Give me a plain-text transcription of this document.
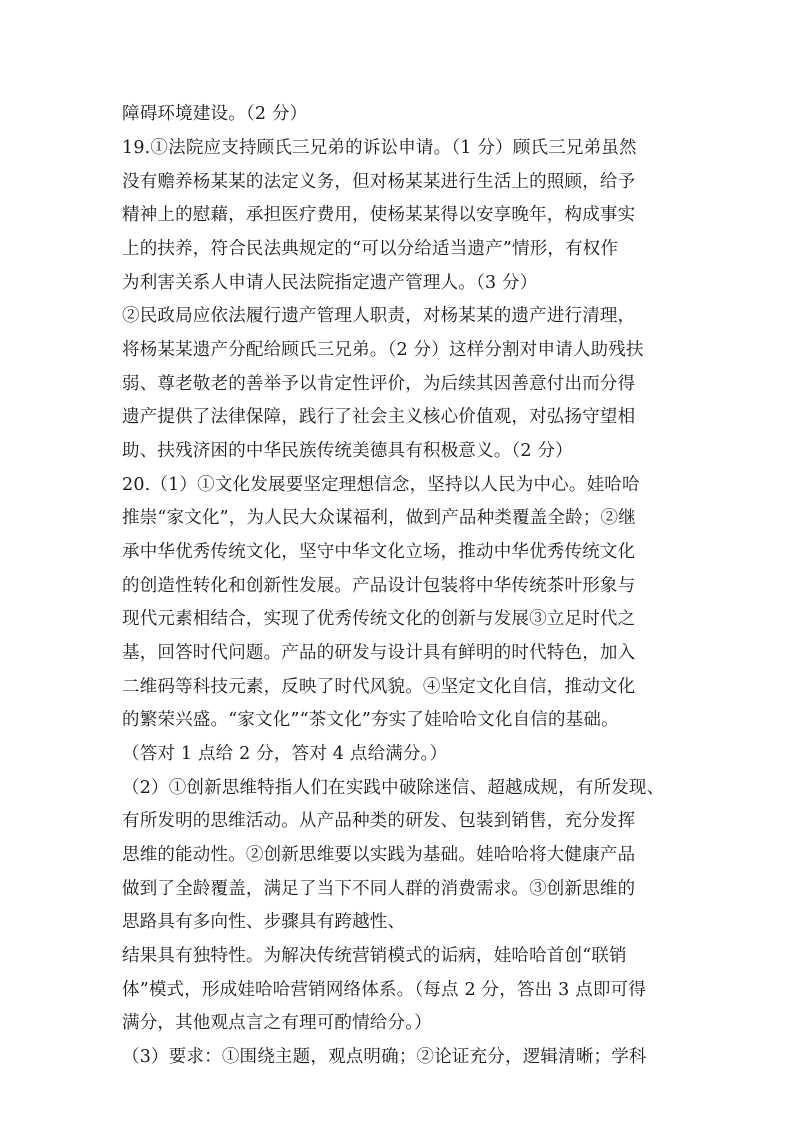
障碍环境建设。（2 分）
19.①法院应支持顾氏三兄弟的诉讼申请。（1 分）顾氏三兄弟虽然
没有赡养杨某某的法定义务，但对杨某某进行生活上的照顾，给予
精神上的慰藉，承担医疗费用，使杨某某得以安享晚年，构成事实
上的扶养，符合民法典规定的“可以分给适当遗产”情形，有权作
为利害关系人申请人民法院指定遗产管理人。（3 分）
②民政局应依法履行遗产管理人职责，对杨某某的遗产进行清理，
将杨某某遗产分配给顾氏三兄弟。（2 分）这样分割对申请人助残扶
弱、尊老敬老的善举予以肯定性评价，为后续其因善意付出而分得
遗产提供了法律保障，践行了社会主义核心价值观，对弘扬守望相
助、扶残济困的中华民族传统美德具有积极意义。（2 分）
20.（1）①文化发展要坚定理想信念，坚持以人民为中心。娃哈哈
推崇“家文化”，为人民大众谋福利，做到产品种类覆盖全龄；②继
承中华优秀传统文化，坚守中华文化立场，推动中华优秀传统文化
的创造性转化和创新性发展。产品设计包装将中华传统茶叶形象与
现代元素相结合，实现了优秀传统文化的创新与发展③立足时代之
基，回答时代问题。产品的研发与设计具有鲜明的时代特色，加入
二维码等科技元素，反映了时代风貌。④坚定文化自信，推动文化
的繁荣兴盛。“家文化”“茶文化”夯实了娃哈哈文化自信的基础。
（答对 1 点给 2 分，答对 4 点给满分。）
（2）①创新思维特指人们在实践中破除迷信、超越成规，有所发现、
有所发明的思维活动。从产品种类的研发、包装到销售，充分发挥
思维的能动性。②创新思维要以实践为基础。娃哈哈将大健康产品
做到了全龄覆盖，满足了当下不同人群的消费需求。③创新思维的
思路具有多向性、步骤具有跨越性、
结果具有独特性。为解决传统营销模式的诟病，娃哈哈首创“联销
体”模式，形成娃哈哈营销网络体系。（每点 2 分，答出 3 点即可得
满分，其他观点言之有理可酌情给分。）
（3）要求：①围绕主题，观点明确；②论证充分，逻辑清晰；学科
